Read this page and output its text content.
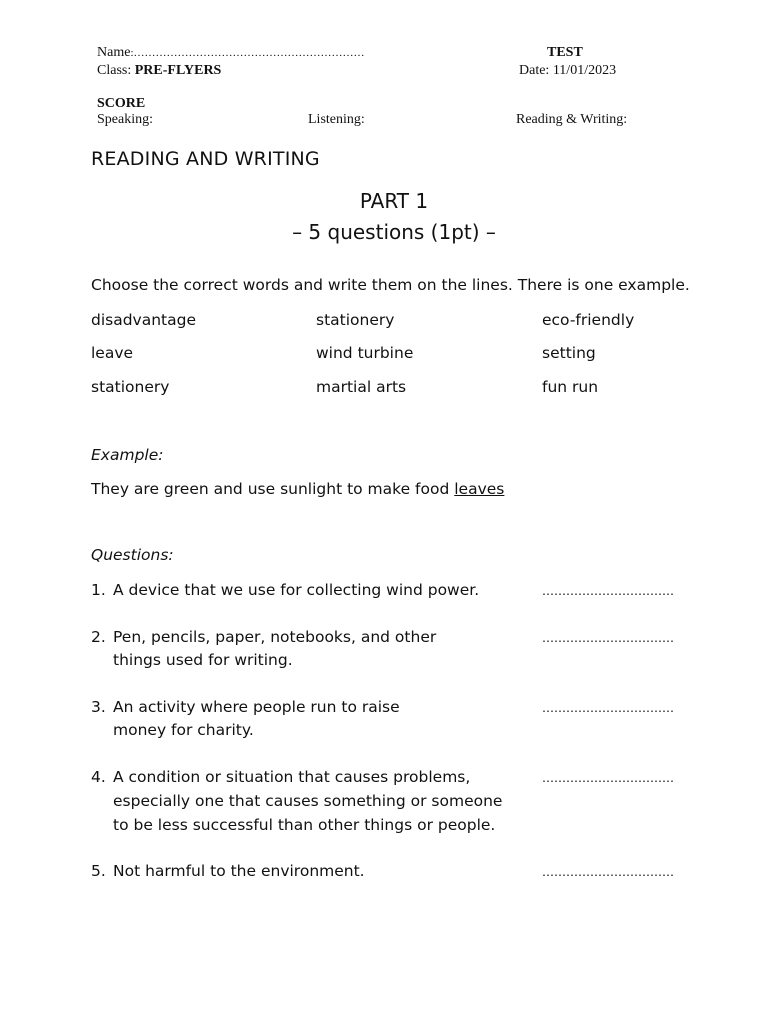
Name:………………………………………………………	TEST
Class: PRE-FLYERS	Date: 11/01/2023
SCORE
Speaking:	Listening:	Reading & Writing:
READING AND WRITING
PART 1
– 5 questions (1pt) –
Choose the correct words and write them on the lines. There is one example.
disadvantage	stationery	eco-friendly
leave	wind turbine	setting
stationery	martial arts	fun run
Example:
They are green and use sunlight to make food leaves
Questions:
1. A device that we use for collecting wind power.	……………………………
2. Pen, pencils, paper, notebooks, and other
things used for writing.
……………………………
3. An activity where people run to raise
money for charity.
……………………………
4. A condition or situation that causes problems,
especially one that causes something or someone
to be less successful than other things or people.
……………………………
5. Not harmful to the environment.	……………………………
